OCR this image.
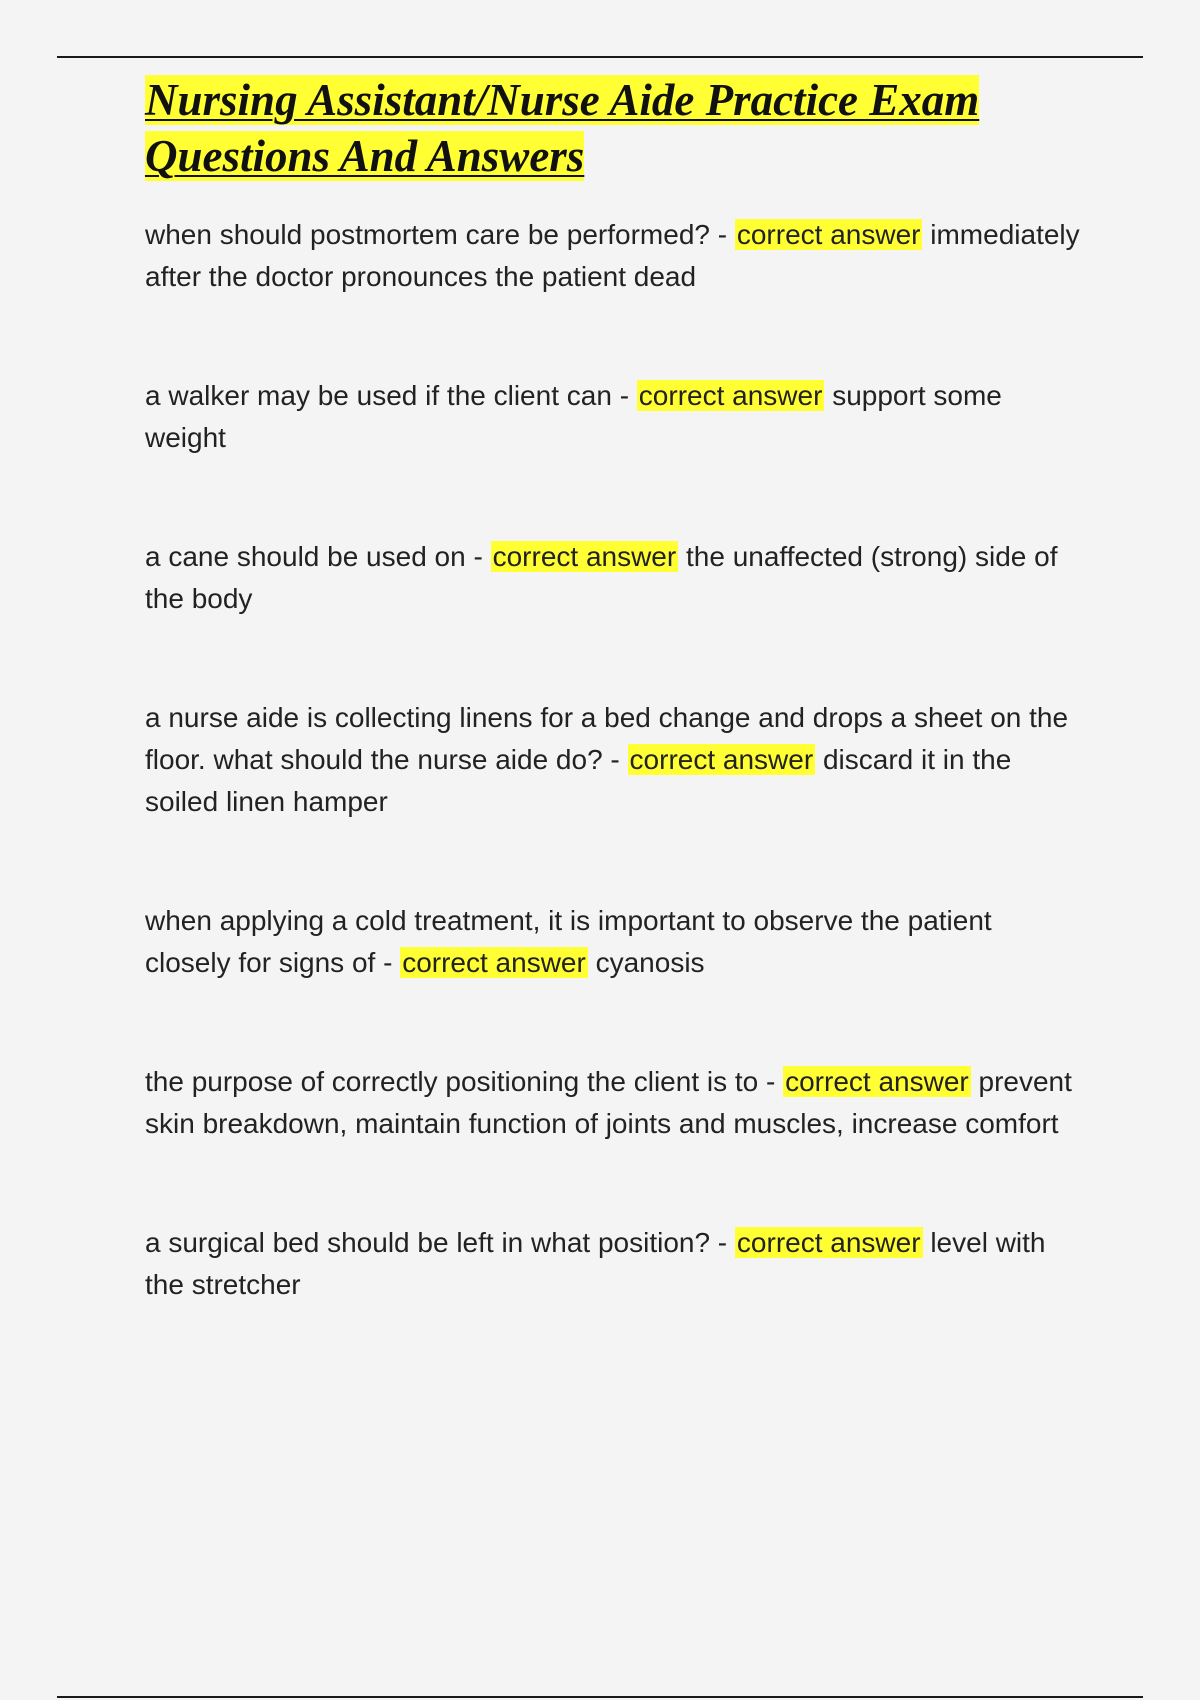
Nursing Assistant/Nurse Aide Practice Exam Questions And Answers

when should postmortem care be performed? - correct answer immediately after the doctor pronounces the patient dead

a walker may be used if the client can - correct answer support some weight

a cane should be used on - correct answer the unaffected (strong) side of the body

a nurse aide is collecting linens for a bed change and drops a sheet on the floor. what should the nurse aide do? - correct answer discard it in the soiled linen hamper

when applying a cold treatment, it is important to observe the patient closely for signs of - correct answer cyanosis

the purpose of correctly positioning the client is to - correct answer prevent skin breakdown, maintain function of joints and muscles, increase comfort

a surgical bed should be left in what position? - correct answer level with the stretcher
